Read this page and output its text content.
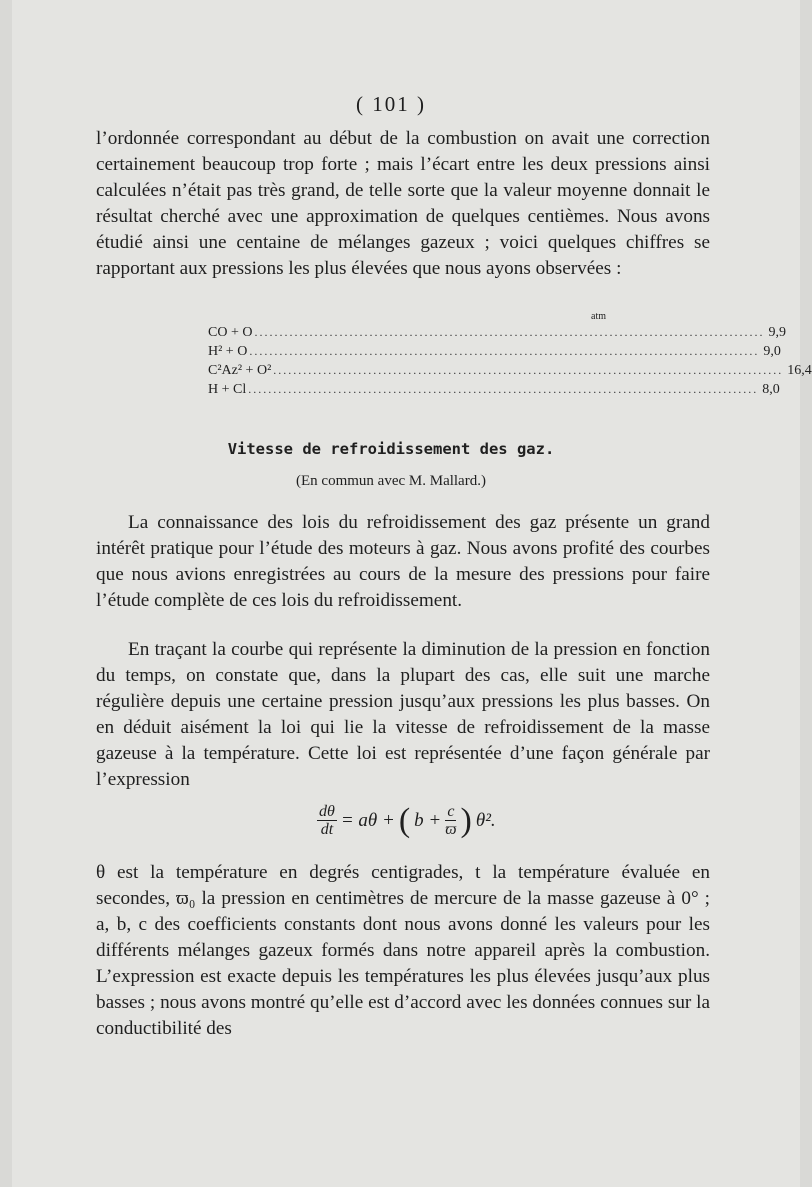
( 101 )

l’ordonnée correspondant au début de la combustion on avait une correction certainement beaucoup trop forte ; mais l’écart entre les deux pressions ainsi calculées n’était pas très grand, de telle sorte que la valeur moyenne donnait le résultat cherché avec une approximation de quelques centièmes. Nous avons étudié ainsi une centaine de mélanges gazeux ; voici quelques chiffres se rapportant aux pressions les plus élevées que nous ayons observées :

atm
CO + O ...................................................................................................... 9,9
H² + O ...................................................................................................... 9,0
C²Az² + O² ...................................................................................................... 16,4
H + Cl ...................................................................................................... 8,0
Vitesse de refroidissement des gaz.
(En commun avec M. Mallard.)

La connaissance des lois du refroidissement des gaz présente un grand intérêt pratique pour l’étude des moteurs à gaz. Nous avons profité des courbes que nous avions enregistrées au cours de la mesure des pressions pour faire l’étude complète de ces lois du refroidissement.

En traçant la courbe qui représente la diminution de la pression en fonction du temps, on constate que, dans la plupart des cas, elle suit une marche régulière depuis une certaine pression jusqu’aux pressions les plus basses. On en déduit aisément la loi qui lie la vitesse de refroidissement de la masse gazeuse à la température. Cette loi est représentée d’une façon générale par l’expression

$\frac{d\theta}{dt} = a\theta$ + ( $b + \frac{c}{ϖ}$ ) θ².

θ est la température en degrés centigrades, t la température évaluée en secondes, ϖ₀ la pression en centimètres de mercure de la masse gazeuse à 0° ; a, b, c des coefficients constants dont nous avons donné les valeurs pour les différents mélanges gazeux formés dans notre appareil après la combustion. L’expression est exacte depuis les températures les plus élevées jusqu’aux plus basses ; nous avons montré qu’elle est d’accord avec les données connues sur la conductibilité des
